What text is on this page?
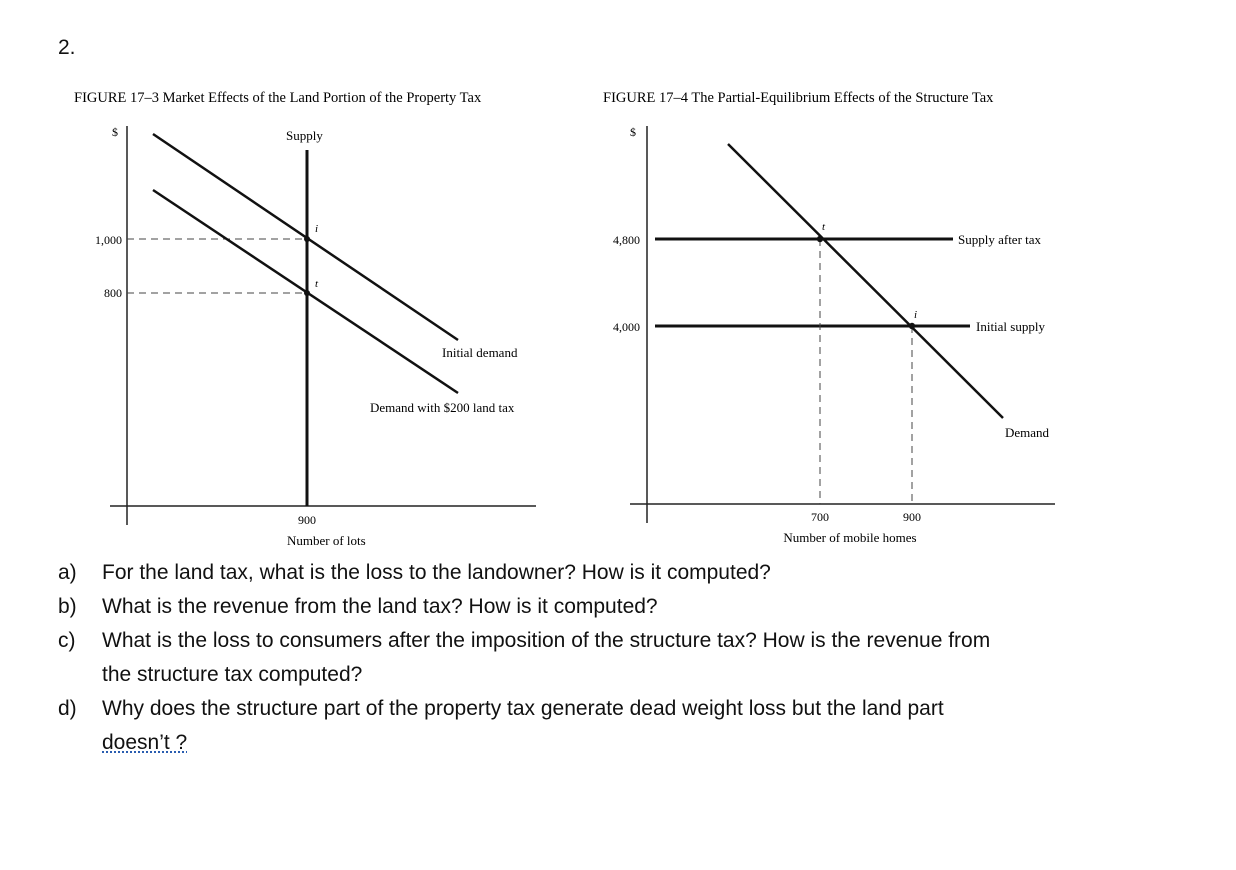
2.
FIGURE 17–3 Market Effects of the Land Portion of the Property Tax
$
1,000
800
Supply
Initial demand
Demand with $200 land tax
i
t
900
Number of lots
FIGURE 17–4 The Partial-Equilibrium Effects of the Structure Tax
$
4,800
4,000
Supply after tax
Initial supply
Demand
t
i
700	900
Number of mobile homes
a) For the land tax, what is the loss to the landowner? How is it computed?
b) What is the revenue from the land tax? How is it computed?
c) What is the loss to consumers after the imposition of the structure tax? How is the revenue from
the structure tax computed?
d) Why does the structure part of the property tax generate dead weight loss but the land part
doesn’t ?
